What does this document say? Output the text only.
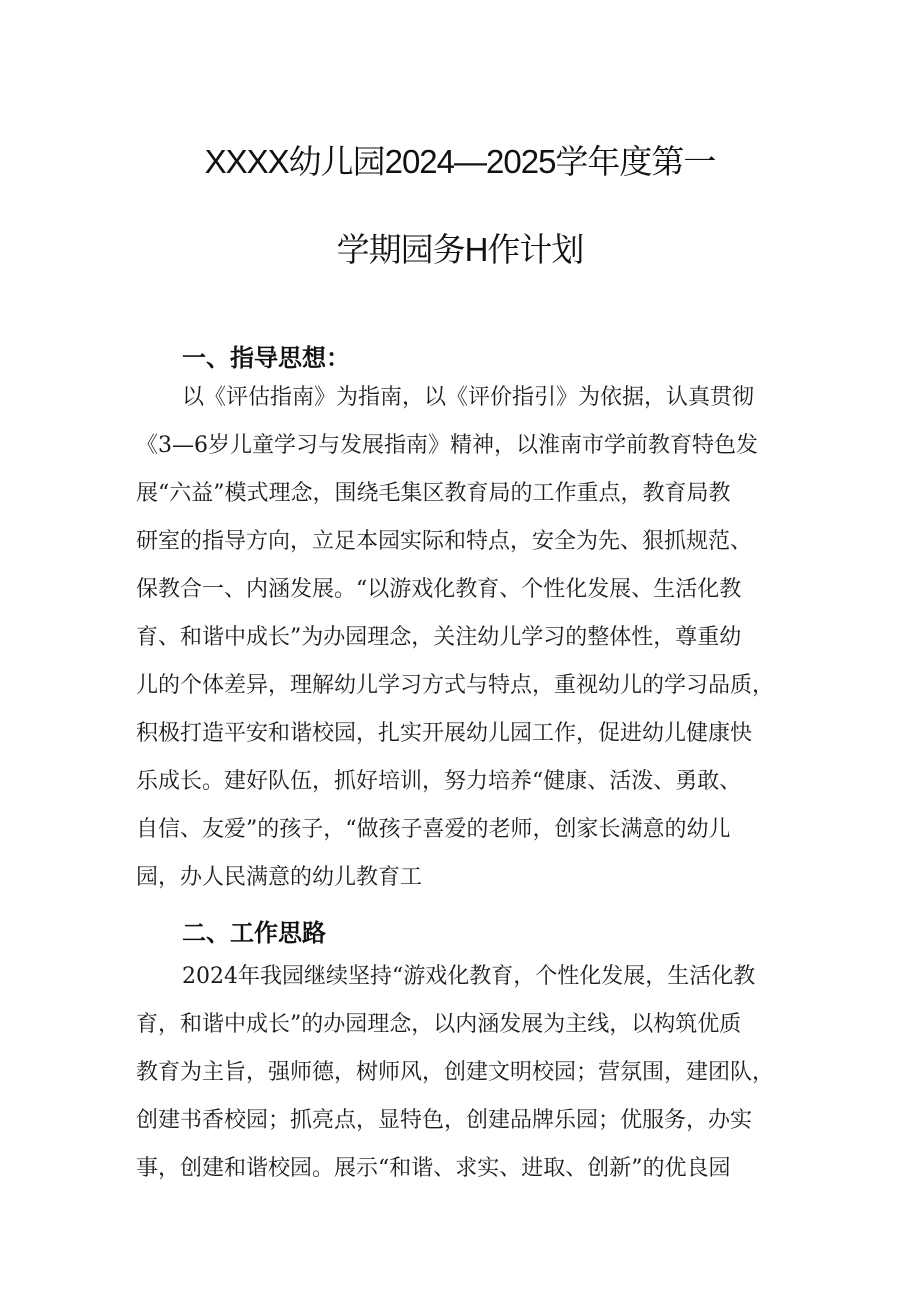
XXXX幼儿园2024—2025学年度第一
学期园务H作计划
一、指导思想：
以《评估指南》为指南，以《评价指引》为依据，认真贯彻
《3—6岁儿童学习与发展指南》精神，以淮南市学前教育特色发
展“六益”模式理念，围绕毛集区教育局的工作重点，教育局教
研室的指导方向，立足本园实际和特点，安全为先、狠抓规范、
保教合一、内涵发展。“以游戏化教育、个性化发展、生活化教
育、和谐中成长”为办园理念，关注幼儿学习的整体性，尊重幼
儿的个体差异，理解幼儿学习方式与特点，重视幼儿的学习品质，
积极打造平安和谐校园，扎实开展幼儿园工作，促进幼儿健康快
乐成长。建好队伍，抓好培训，努力培养“健康、活泼、勇敢、
自信、友爱”的孩子，“做孩子喜爱的老师，创家长满意的幼儿
园，办人民满意的幼儿教育工
二、工作思路
2024年我园继续坚持“游戏化教育，个性化发展，生活化教
育，和谐中成长”的办园理念，以内涵发展为主线，以构筑优质
教育为主旨，强师德，树师风，创建文明校园；营氛围，建团队，
创建书香校园；抓亮点，显特色，创建品牌乐园；优服务，办实
事，创建和谐校园。展示“和谐、求实、进取、创新”的优良园
